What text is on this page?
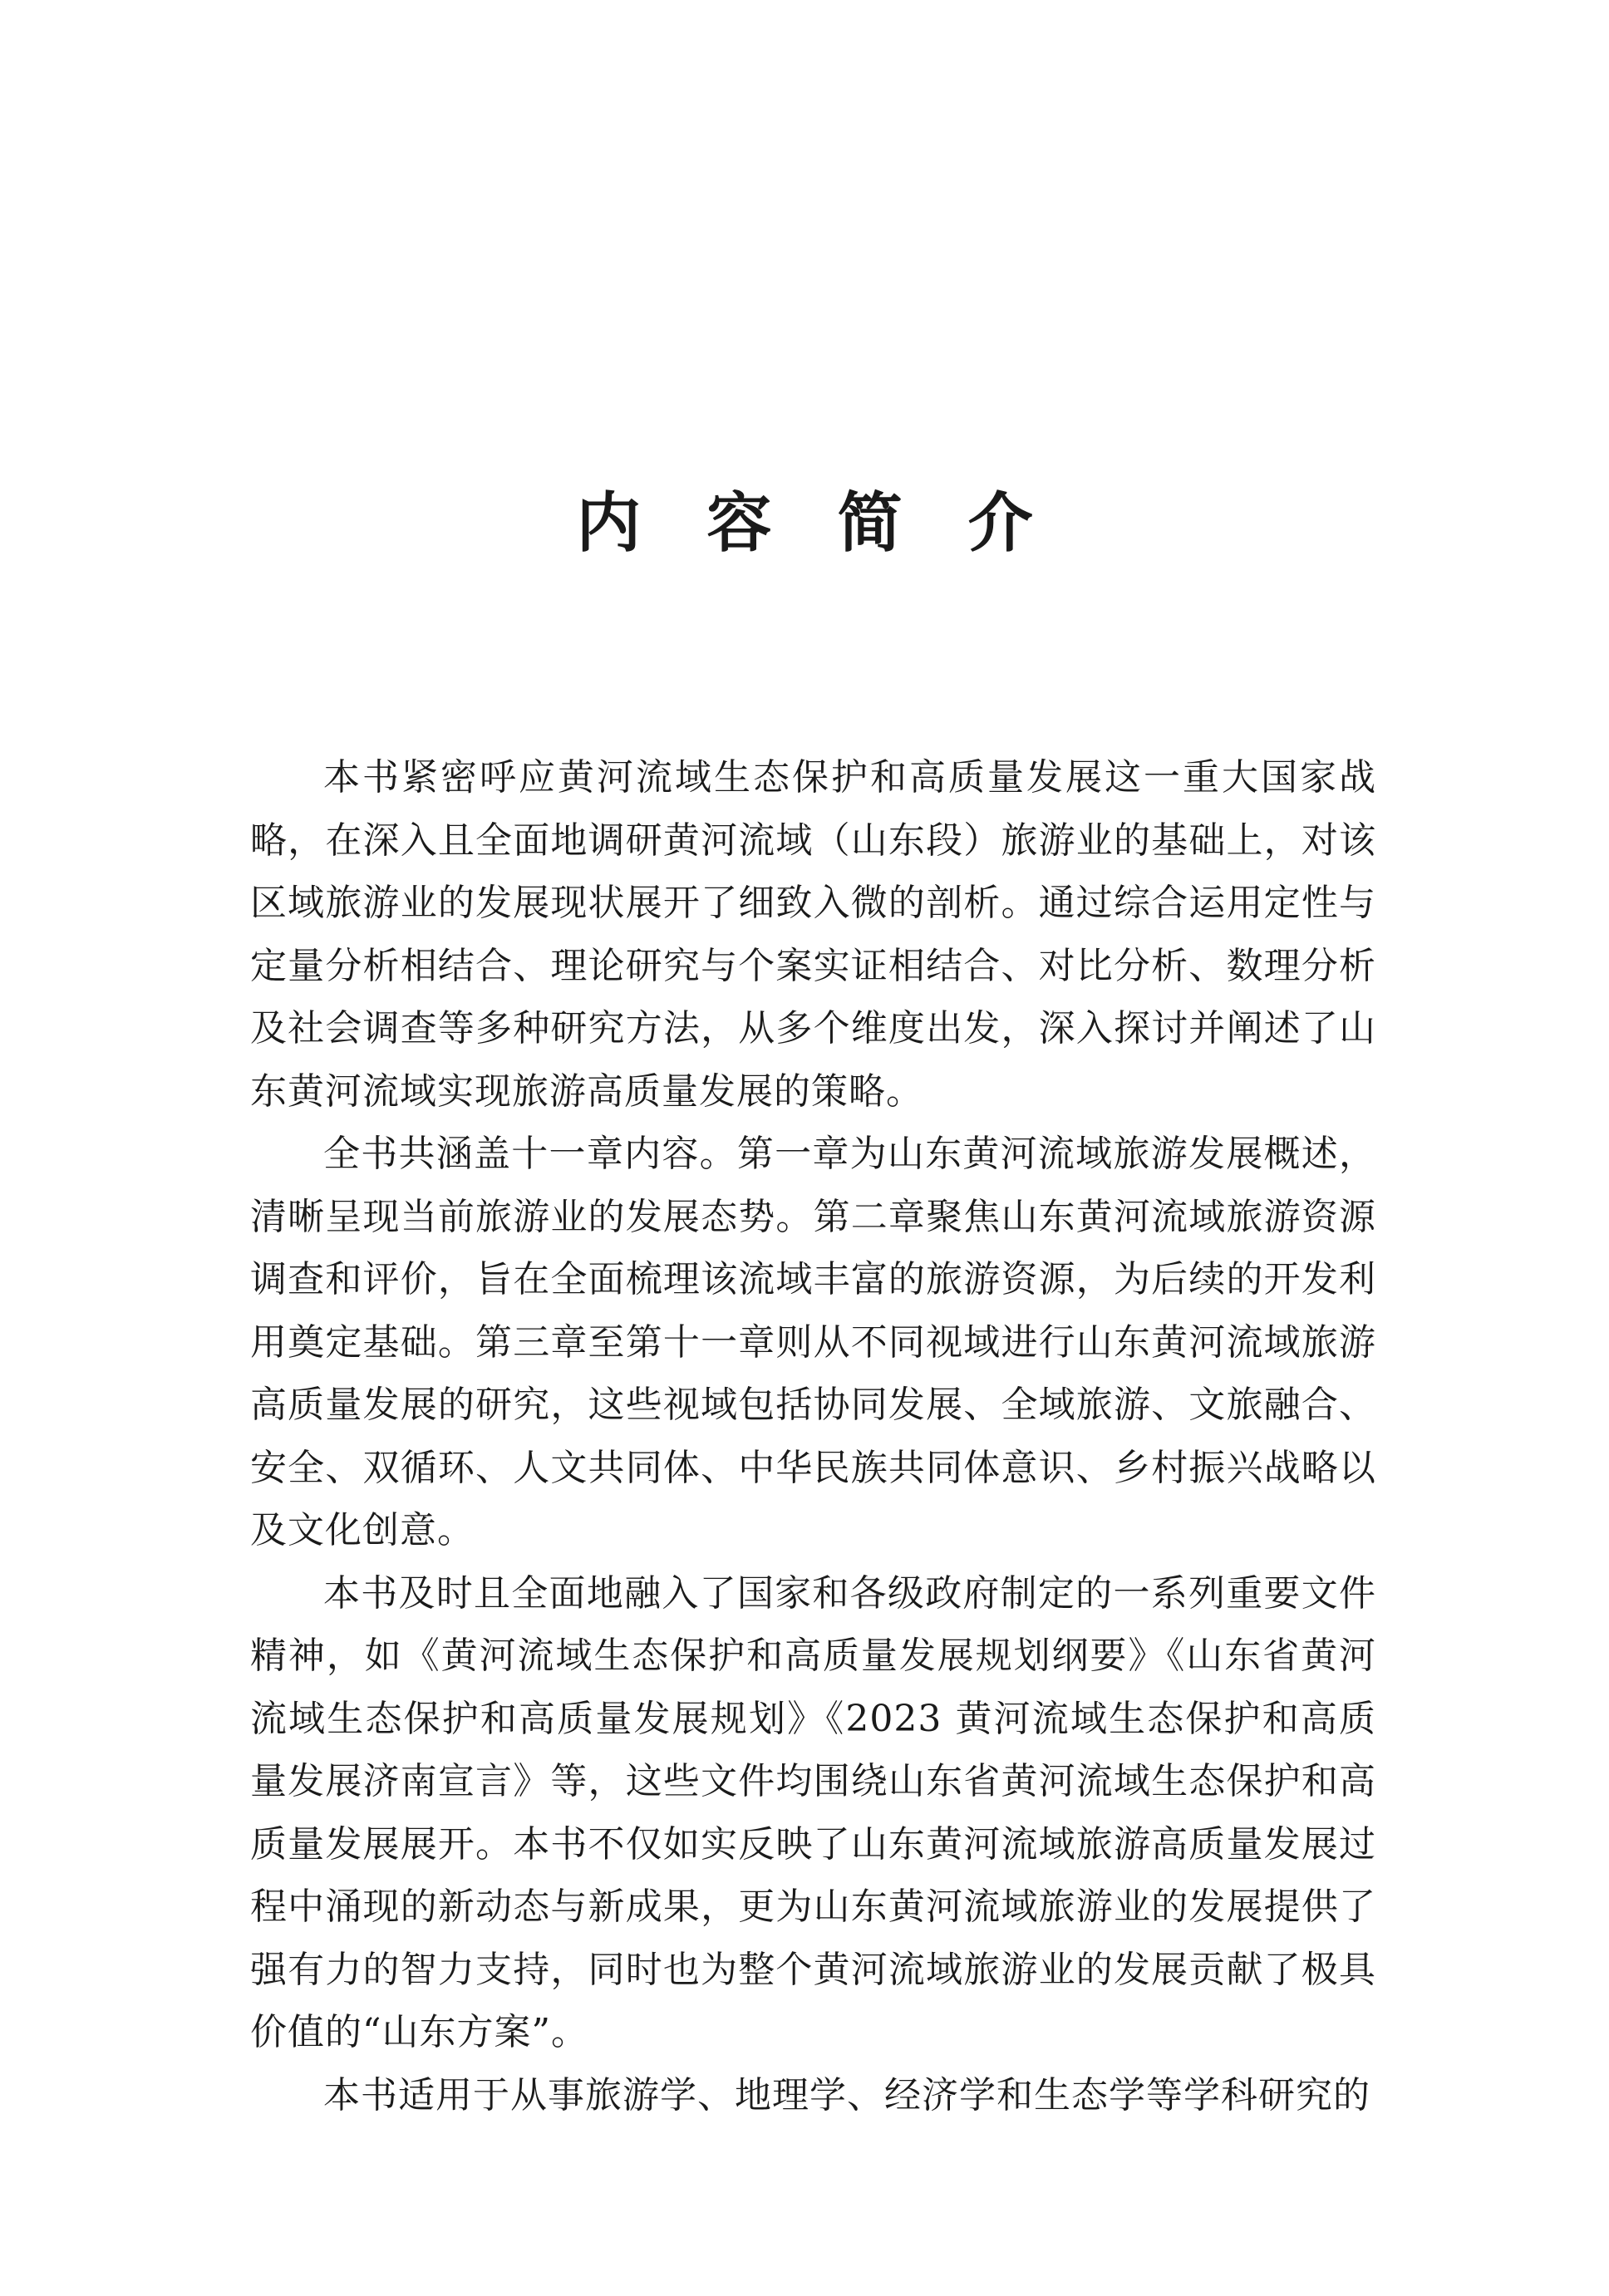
内 容 简 介

本书紧密呼应黄河流域生态保护和高质量发展这一重大国家战略，在深入且全面地调研黄河流域（山东段）旅游业的基础上，对该区域旅游业的发展现状展开了细致入微的剖析。通过综合运用定性与定量分析相结合、理论研究与个案实证相结合、对比分析、数理分析及社会调查等多种研究方法，从多个维度出发，深入探讨并阐述了山东黄河流域实现旅游高质量发展的策略。

全书共涵盖十一章内容。第一章为山东黄河流域旅游发展概述，清晰呈现当前旅游业的发展态势。第二章聚焦山东黄河流域旅游资源调查和评价，旨在全面梳理该流域丰富的旅游资源，为后续的开发利用奠定基础。第三章至第十一章则从不同视域进行山东黄河流域旅游高质量发展的研究，这些视域包括协同发展、全域旅游、文旅融合、安全、双循环、人文共同体、中华民族共同体意识、乡村振兴战略以及文化创意。

本书及时且全面地融入了国家和各级政府制定的一系列重要文件精神，如《黄河流域生态保护和高质量发展规划纲要》《山东省黄河流域生态保护和高质量发展规划》《2023 黄河流域生态保护和高质量发展济南宣言》等，这些文件均围绕山东省黄河流域生态保护和高质量发展展开。本书不仅如实反映了山东黄河流域旅游高质量发展过程中涌现的新动态与新成果，更为山东黄河流域旅游业的发展提供了强有力的智力支持，同时也为整个黄河流域旅游业的发展贡献了极具价值的“山东方案”。

本书适用于从事旅游学、地理学、经济学和生态学等学科研究的
